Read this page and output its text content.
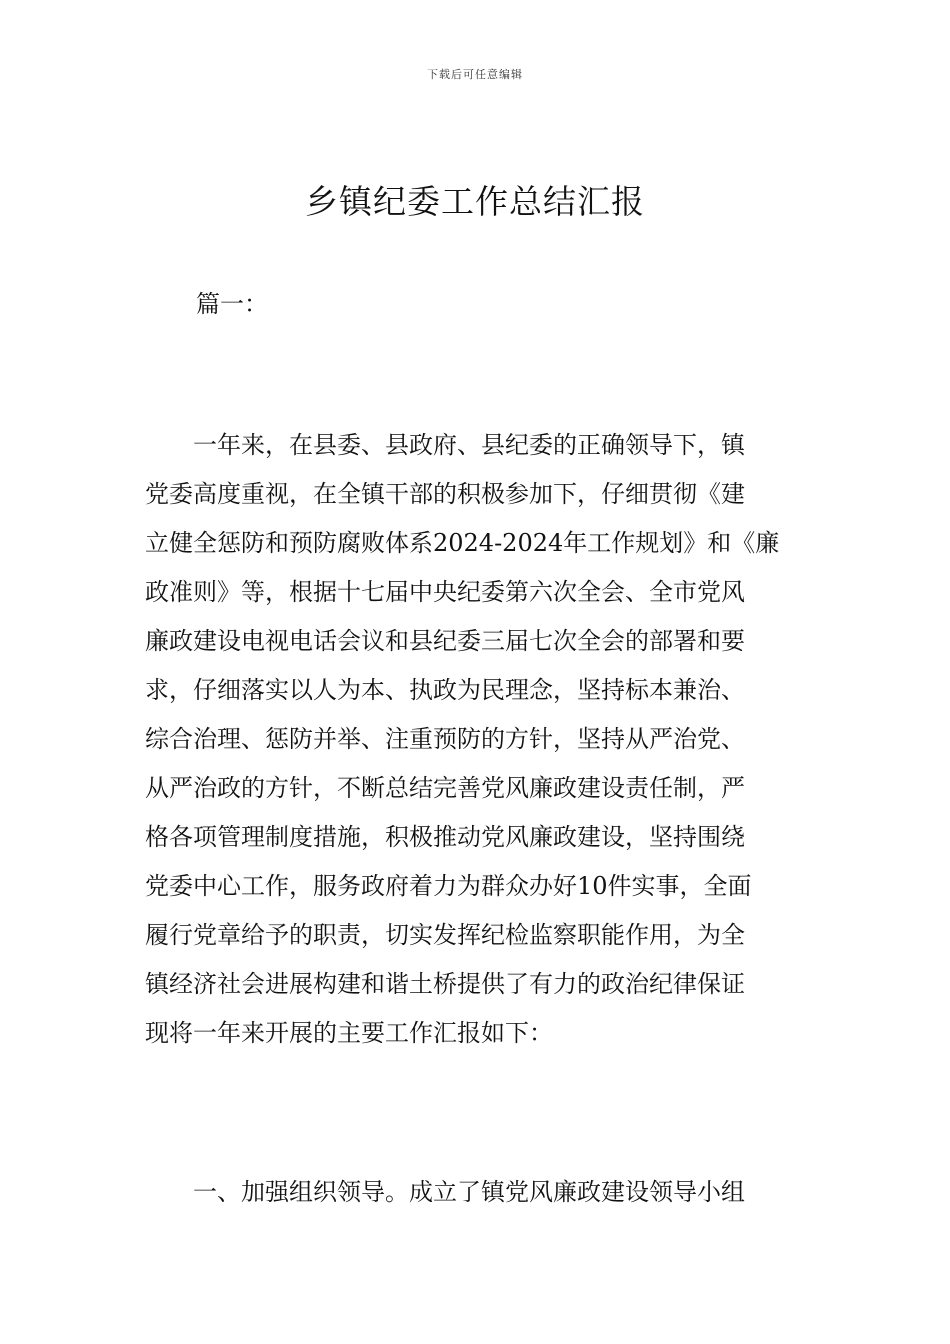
下载后可任意编辑
乡镇纪委工作总结汇报
篇一：
　　一年来，在县委、县政府、县纪委的正确领导下，镇
党委高度重视，在全镇干部的积极参加下，仔细贯彻《建
立健全惩防和预防腐败体系2024-2024年工作规划》和《廉
政准则》等，根据十七届中央纪委第六次全会、全市党风
廉政建设电视电话会议和县纪委三届七次全会的部署和要
求，仔细落实以人为本、执政为民理念，坚持标本兼治、
综合治理、惩防并举、注重预防的方针，坚持从严治党、
从严治政的方针，不断总结完善党风廉政建设责任制，严
格各项管理制度措施，积极推动党风廉政建设，坚持围绕
党委中心工作，服务政府着力为群众办好10件实事，全面
履行党章给予的职责，切实发挥纪检监察职能作用，为全
镇经济社会进展构建和谐土桥提供了有力的政治纪律保证
现将一年来开展的主要工作汇报如下：
　　一、加强组织领导。成立了镇党风廉政建设领导小组
